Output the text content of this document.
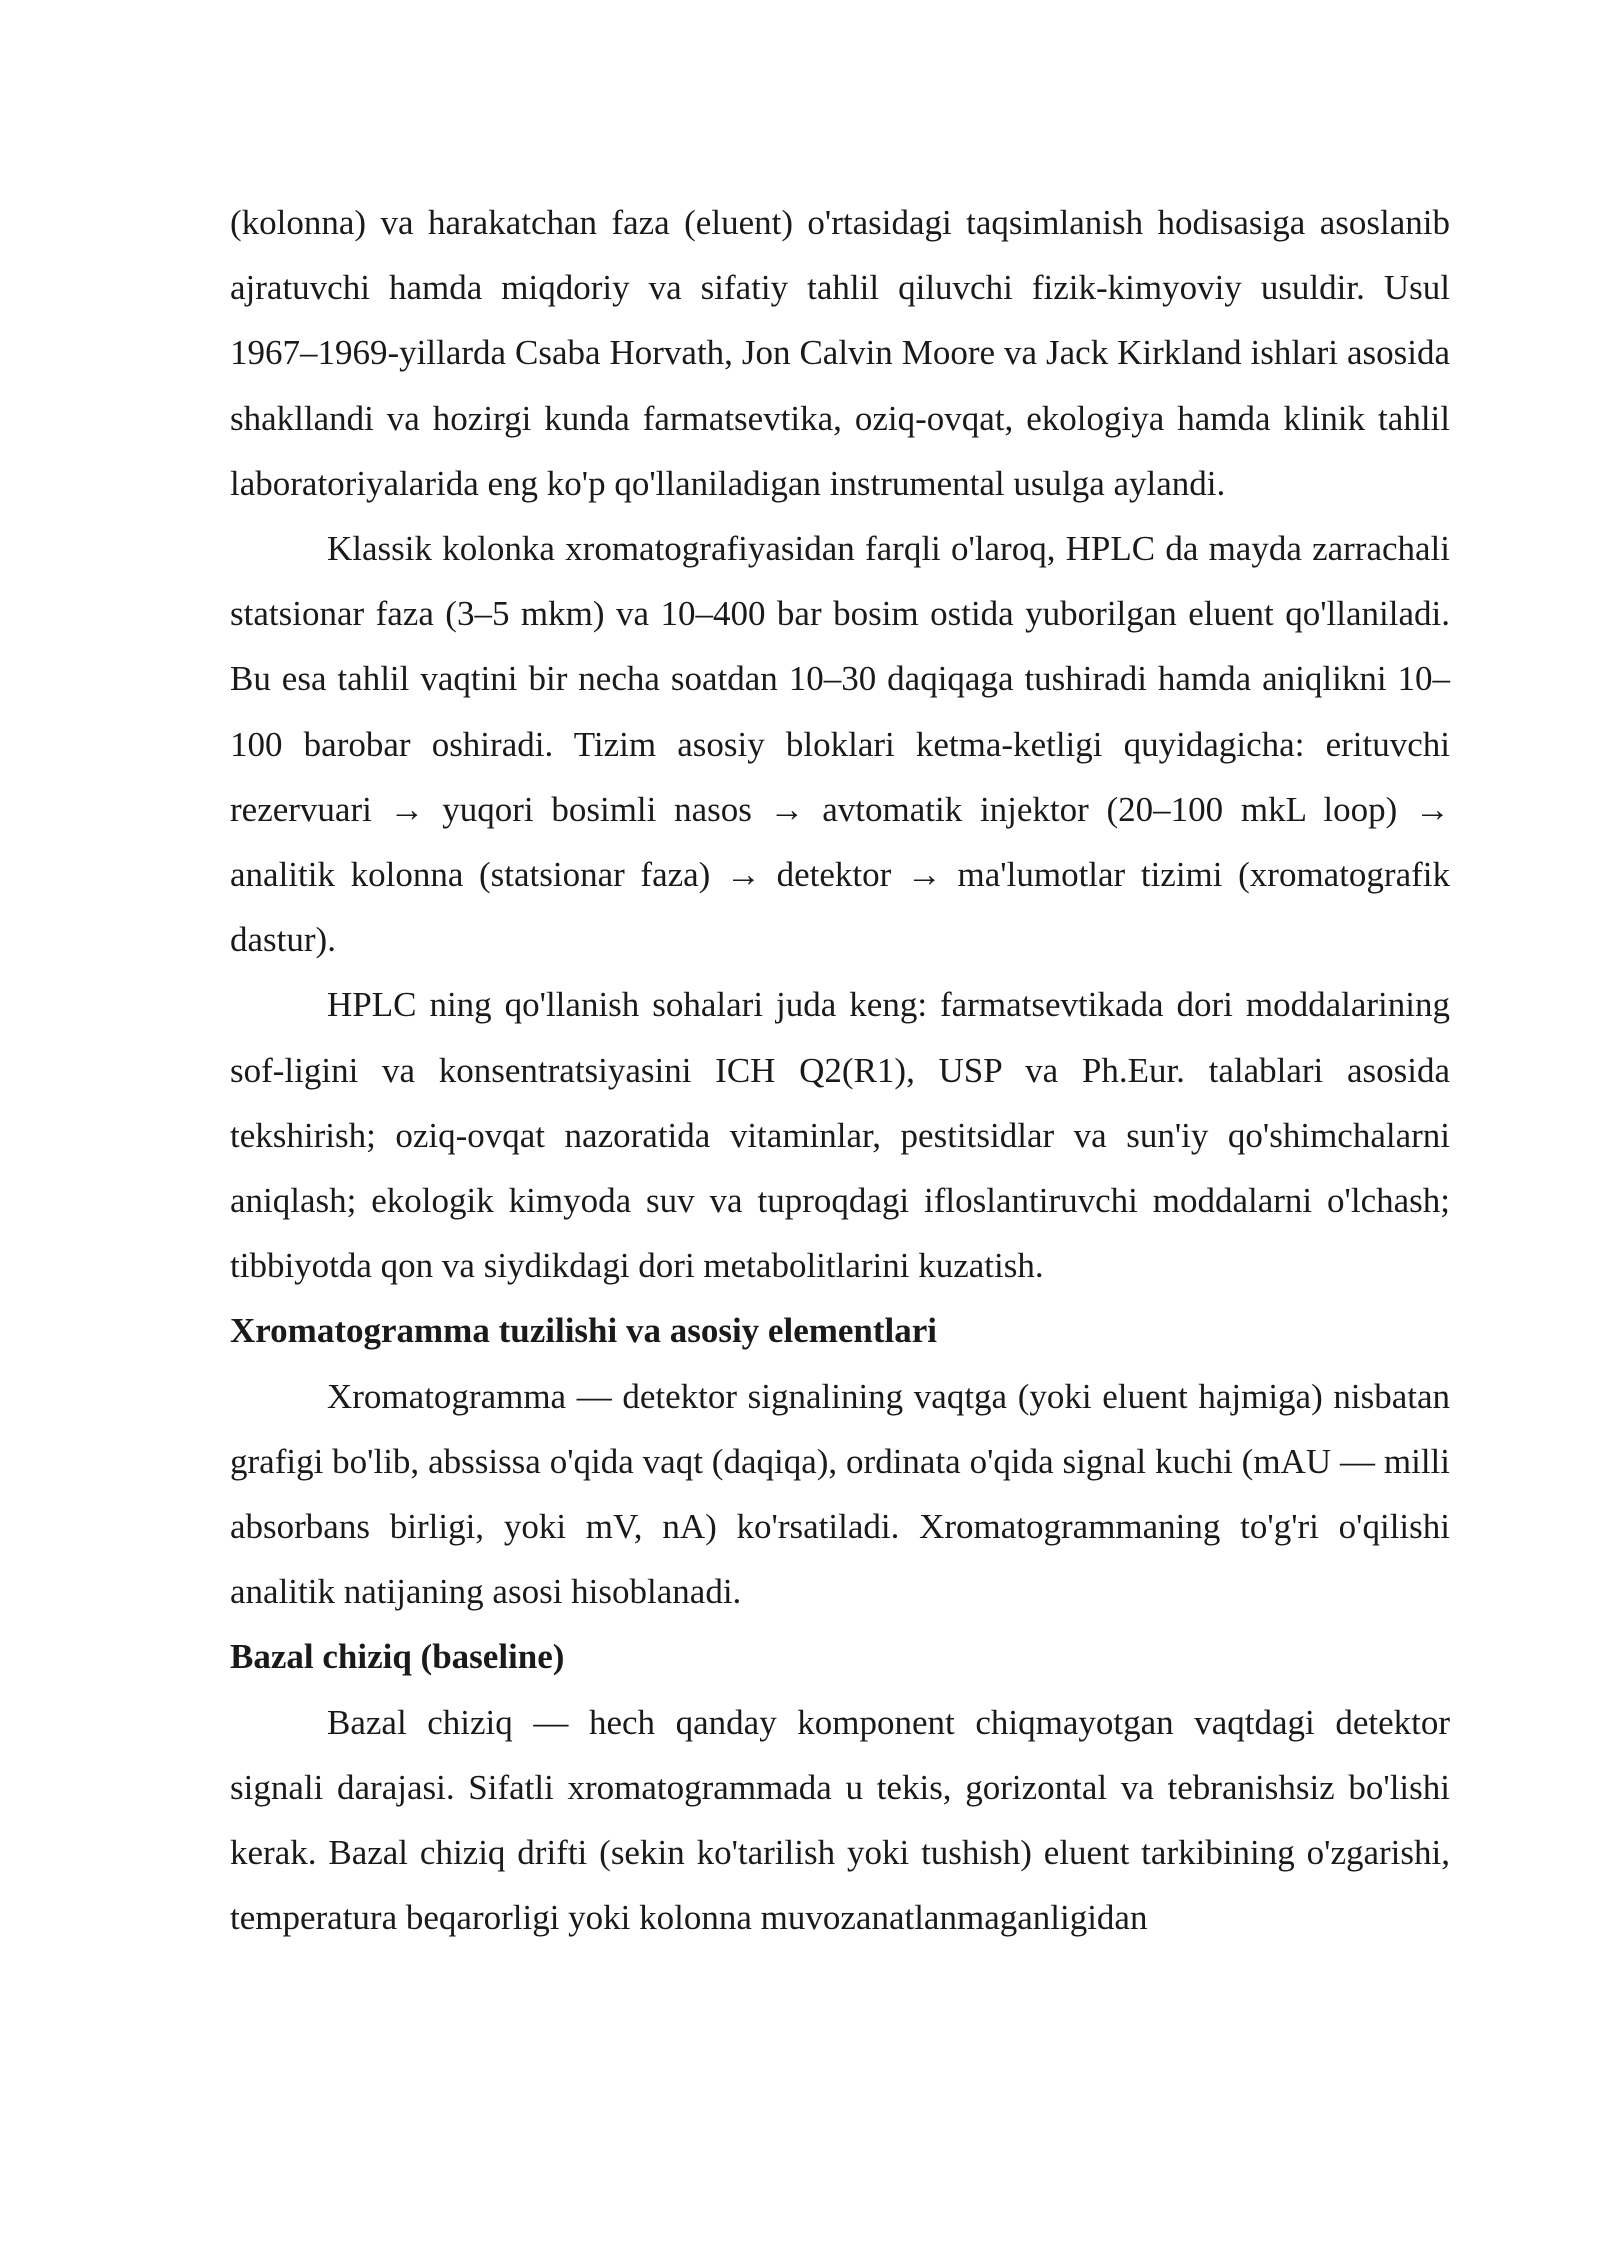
(kolonna) va harakatchan faza (eluent) o'rtasidagi taqsimlanish hodisasiga asoslanib ajratuvchi hamda miqdoriy va sifatiy tahlil qiluvchi fizik-kimyoviy usuldir. Usul 1967–1969-yillarda Csaba Horvath, Jon Calvin Moore va Jack Kirkland ishlari asosida shakllandi va hozirgi kunda farmatsevtika, oziq-ovqat, ekologiya hamda klinik tahlil laboratoriyalarida eng ko'p qo'llaniladigan instrumental usulga aylandi.

Klassik kolonka xromatografiyasidan farqli o'laroq, HPLC da mayda zarrachali statsionar faza (3–5 mkm) va 10–400 bar bosim ostida yuborilgan eluent qo'llaniladi. Bu esa tahlil vaqtini bir necha soatdan 10–30 daqiqaga tushiradi hamda aniqlikni 10–100 barobar oshiradi. Tizim asosiy bloklari ketma-ketligi quyidagicha: erituvchi rezervuari → yuqori bosimli nasos → avtomatik injektor (20–100 mkL loop) → analitik kolonna (statsionar faza) → detektor → ma'lumotlar tizimi (xromatografik dastur).

HPLC ning qo'llanish sohalari juda keng: farmatsevtikada dori moddalarining sof-ligini va konsentratsiyasini ICH Q2(R1), USP va Ph.Eur. talablari asosida tekshirish; oziq-ovqat nazoratida vitaminlar, pestitsidlar va sun'iy qo'shimchalarni aniqlash; ekologik kimyoda suv va tuproqdagi ifloslantiruvchi moddalarni o'lchash; tibbiyotda qon va siydikdagi dori metabolitlarini kuzatish.

Xromatogramma tuzilishi va asosiy elementlari

Xromatogramma — detektor signalining vaqtga (yoki eluent hajmiga) nisbatan grafigi bo'lib, abssissa o'qida vaqt (daqiqa), ordinata o'qida signal kuchi (mAU — milli absorbans birligi, yoki mV, nA) ko'rsatiladi. Xromatogrammaning to'g'ri o'qilishi analitik natijaning asosi hisoblanadi.

Bazal chiziq (baseline)

Bazal chiziq — hech qanday komponent chiqmayotgan vaqtdagi detektor signali darajasi. Sifatli xromatogrammada u tekis, gorizontal va tebranishsiz bo'lishi kerak. Bazal chiziq drifti (sekin ko'tarilish yoki tushish) eluent tarkibining o'zgarishi, temperatura beqarorligi yoki kolonna muvozanatlanmaganligidan
